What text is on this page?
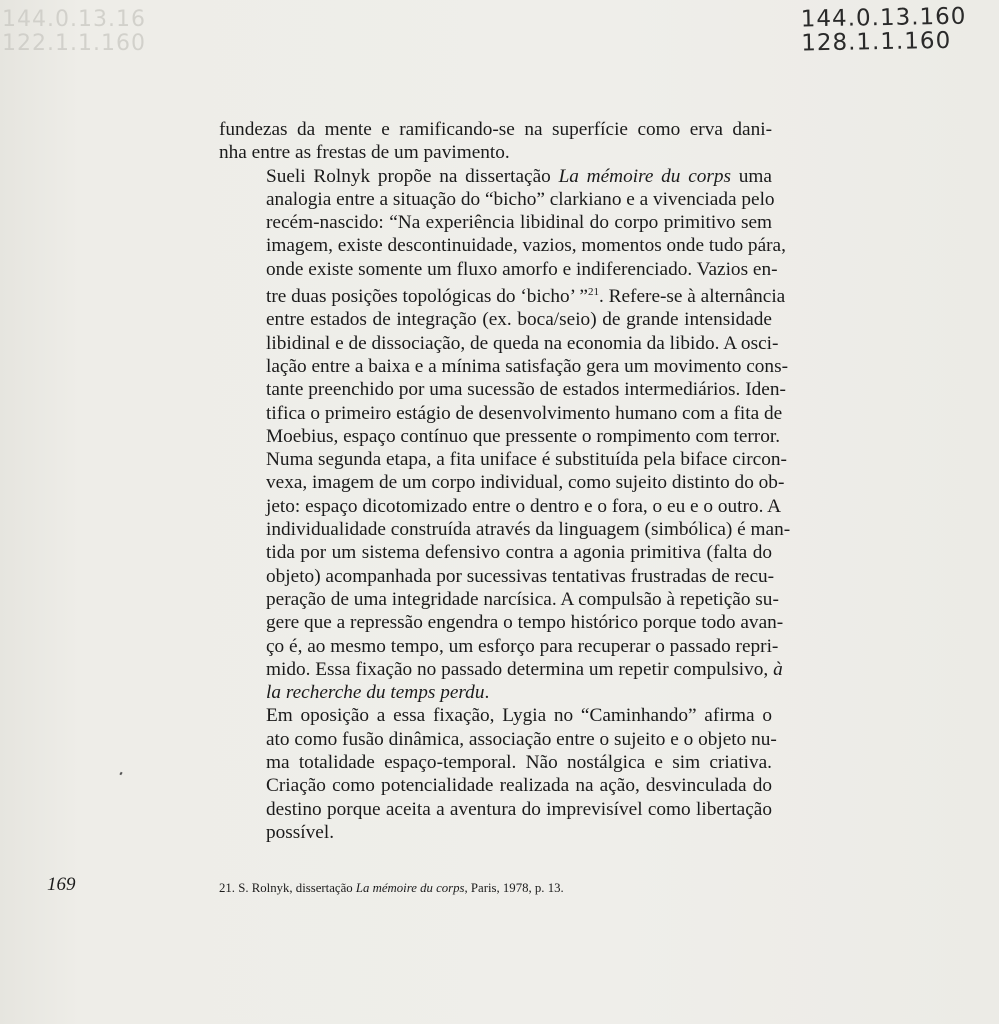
144.0.13.16
122.1.1.160
144.0.13.160
128.1.1.160

fundezas da mente e ramificando-se na superfície como erva dani-
nha entre as frestas de um pavimento.

Sueli Rolnyk propõe na dissertação La mémoire du corps uma
analogia entre a situação do “bicho” clarkiano e a vivenciada pelo
recém-nascido: “Na experiência libidinal do corpo primitivo sem
imagem, existe descontinuidade, vazios, momentos onde tudo pára,
onde existe somente um fluxo amorfo e indiferenciado. Vazios en-
tre duas posições topológicas do ‘bicho’ ”$^{21}$. Refere-se à alternância
entre estados de integração (ex. boca/seio) de grande intensidade
libidinal e de dissociação, de queda na economia da libido. A osci-
lação entre a baixa e a mínima satisfação gera um movimento cons-
tante preenchido por uma sucessão de estados intermediários. Iden-
tifica o primeiro estágio de desenvolvimento humano com a fita de
Moebius, espaço contínuo que pressente o rompimento com terror.
Numa segunda etapa, a fita uniface é substituída pela biface circon-
vexa, imagem de um corpo individual, como sujeito distinto do ob-
jeto: espaço dicotomizado entre o dentro e o fora, o eu e o outro. A
individualidade construída através da linguagem (simbólica) é man-
tida por um sistema defensivo contra a agonia primitiva (falta do
objeto) acompanhada por sucessivas tentativas frustradas de recu-
peração de uma integridade narcísica. A compulsão à repetição su-
gere que a repressão engendra o tempo histórico porque todo avan-
ço é, ao mesmo tempo, um esforço para recuperar o passado repri-
mido. Essa fixação no passado determina um repetir compulsivo, à
la recherche du temps perdu.

Em oposição a essa fixação, Lygia no “Caminhando” afirma o
ato como fusão dinâmica, associação entre o sujeito e o objeto nu-
ma totalidade espaço-temporal. Não nostálgica e sim criativa.
Criação como potencialidade realizada na ação, desvinculada do
destino porque aceita a aventura do imprevisível como libertação
possível.

169	21. S. Rolnyk, dissertação La mémoire du corps, Paris, 1978, p. 13.
